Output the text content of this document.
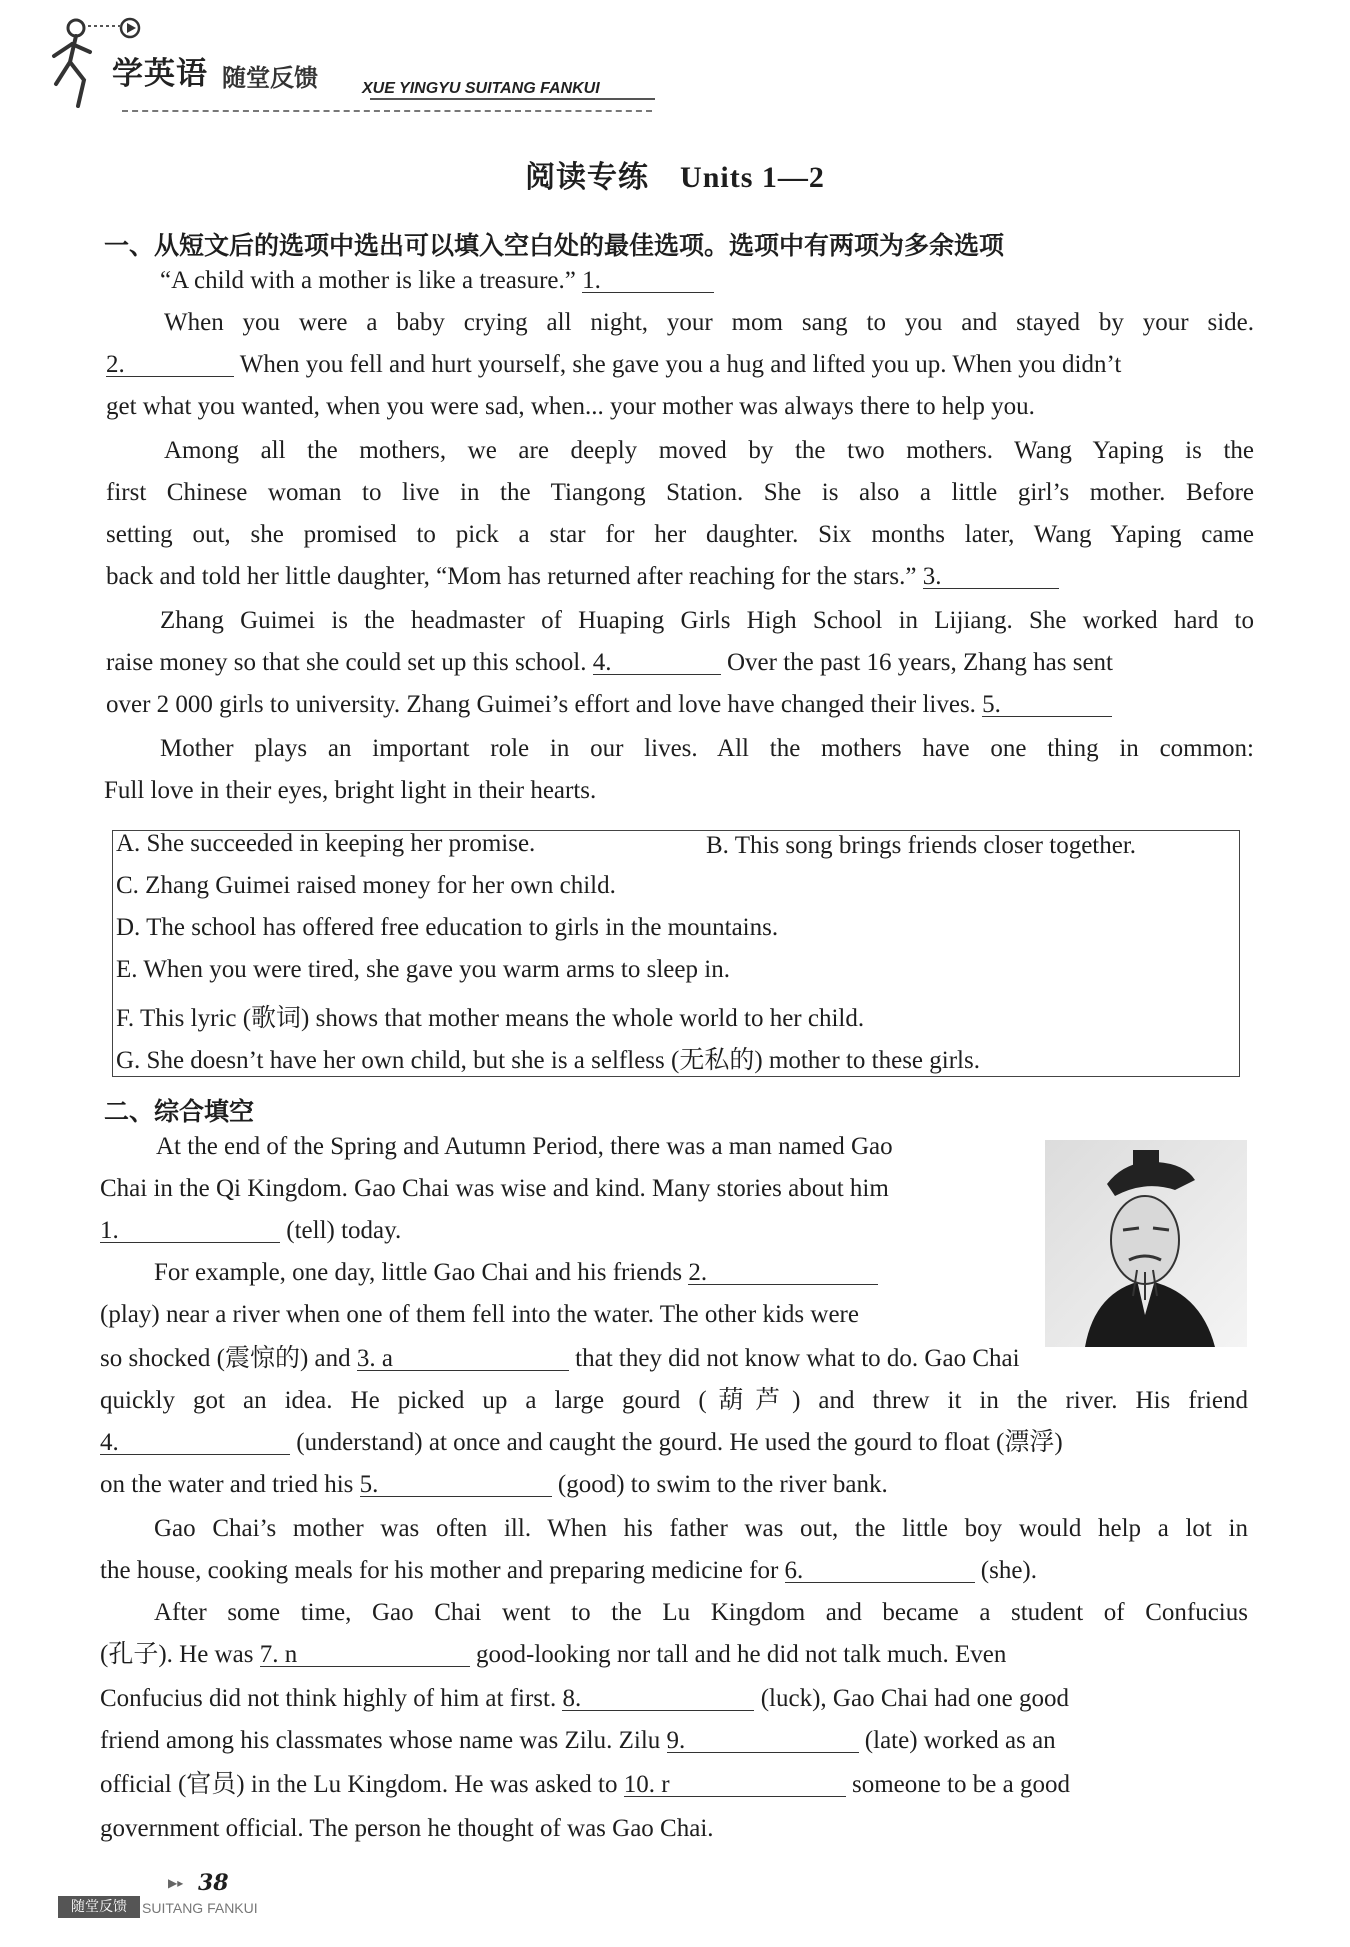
学英语 随堂反馈	XUE YINGYU SUITANG FANKUI
阅读专练　Units 1—2
一、从短文后的选项中选出可以填入空白处的最佳选项。选项中有两项为多余选项
“A child with a mother is like a treasure.” 1.
When you were a baby crying all night, your mom sang to you and stayed by your side.
2.	When you fell and hurt yourself, she gave you a hug and lifted you up. When you didn’t
get what you wanted, when you were sad, when... your mother was always there to help you.
Among all the mothers, we are deeply moved by the two mothers. Wang Yaping is the
first Chinese woman to live in the Tiangong Station. She is also a little girl’s mother. Before
setting out, she promised to pick a star for her daughter. Six months later, Wang Yaping came
back and told her little daughter, “Mom has returned after reaching for the stars.” 3.
Zhang Guimei is the headmaster of Huaping Girls High School in Lijiang. She worked hard to
raise money so that she could set up this school. 4.	Over the past 16 years, Zhang has sent
over 2 000 girls to university. Zhang Guimei’s effort and love have changed their lives. 5.
Mother plays an important role in our lives. All the mothers have one thing in common:
Full love in their eyes, bright light in their hearts.
A. She succeeded in keeping her promise.	B. This song brings friends closer together.
C. Zhang Guimei raised money for her own child.
D. The school has offered free education to girls in the mountains.
E. When you were tired, she gave you warm arms to sleep in.
F. This lyric (歌词) shows that mother means the whole world to her child.
G. She doesn’t have her own child, but she is a selfless (无私的) mother to these girls.
二、综合填空
At the end of the Spring and Autumn Period, there was a man named Gao
Chai in the Qi Kingdom. Gao Chai was wise and kind. Many stories about him
1.	(tell) today.
For example, one day, little Gao Chai and his friends 2.
(play) near a river when one of them fell into the water. The other kids were
so shocked (震惊的) and 3. a	that they did not know what to do. Gao Chai
quickly got an idea. He picked up a large gourd (葫芦) and threw it in the river. His friend
4.	(understand) at once and caught the gourd. He used the gourd to float (漂浮)
on the water and tried his 5.	(good) to swim to the river bank.
Gao Chai’s mother was often ill. When his father was out, the little boy would help a lot in
the house, cooking meals for his mother and preparing medicine for 6.	(she).
After some time, Gao Chai went to the Lu Kingdom and became a student of Confucius
(孔子). He was 7. n	good-looking nor tall and he did not talk much. Even
Confucius did not think highly of him at first. 8.	(luck), Gao Chai had one good
friend among his classmates whose name was Zilu. Zilu 9.	(late) worked as an
official (官员) in the Lu Kingdom. He was asked to 10. r	someone to be a good
government official. The person he thought of was Gao Chai.
▶▸ 38
随堂反馈	SUITANG FANKUI
